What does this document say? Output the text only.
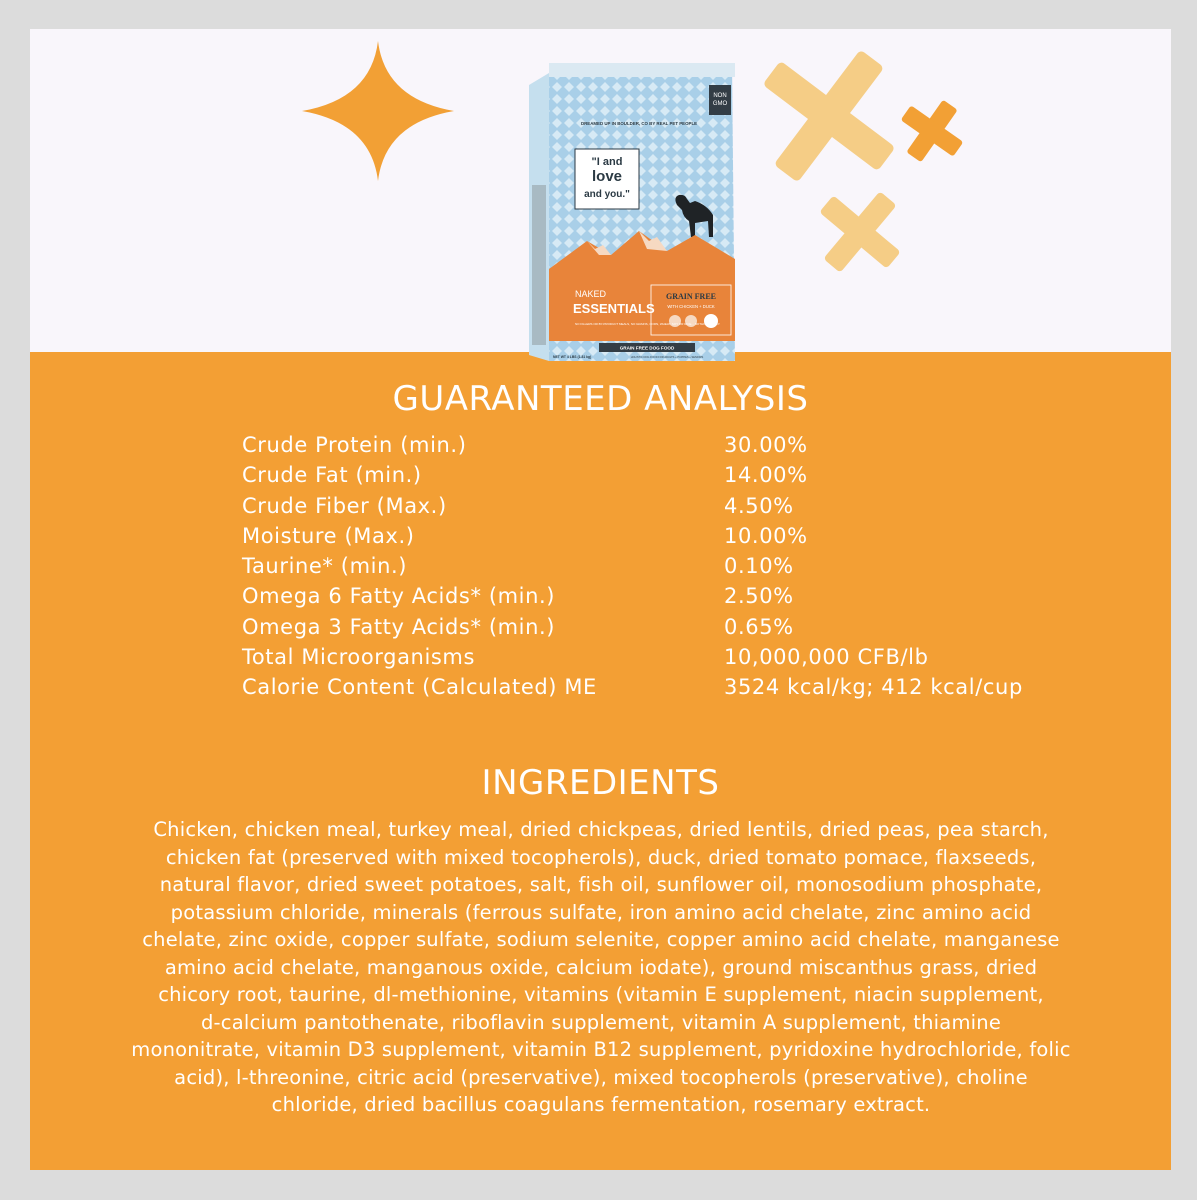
NON
GMO
DREAMED UP IN BOULDER, CO BY REAL PET PEOPLE
"I and
love
and you."
NAKED
ESSENTIALS
GRAIN FREE
WITH CHICKEN + DUCK
NO FILLERS OR BY-PRODUCT MEALS, NO GRAINS, CORN, WHEAT, SOY OR RICE... NOTHING SCARY.
GRAIN FREE DOG FOOD
HOLISTIC DOG FOOD FOR ADULTS + PUPPIES + SENIORS
NET WT 4 LBS (1.81 kg)
GUARANTEED ANALYSIS
Crude Protein (min.)	30.00%
Crude Fat (min.)	14.00%
Crude Fiber (Max.)	4.50%
Moisture (Max.)	10.00%
Taurine* (min.)	0.10%
Omega 6 Fatty Acids* (min.)	2.50%
Omega 3 Fatty Acids* (min.)	0.65%
Total Microorganisms	10,000,000 CFB/lb
Calorie Content (Calculated) ME	3524 kcal/kg; 412 kcal/cup
INGREDIENTS
Chicken, chicken meal, turkey meal, dried chickpeas, dried lentils, dried peas, pea starch,
chicken fat (preserved with mixed tocopherols), duck, dried tomato pomace, flaxseeds,
natural flavor, dried sweet potatoes, salt, fish oil, sunflower oil, monosodium phosphate,
potassium chloride, minerals (ferrous sulfate, iron amino acid chelate, zinc amino acid
chelate, zinc oxide, copper sulfate, sodium selenite, copper amino acid chelate, manganese
amino acid chelate, manganous oxide, calcium iodate), ground miscanthus grass, dried
chicory root, taurine, dl-methionine, vitamins (vitamin E supplement, niacin supplement,
d-calcium pantothenate, riboflavin supplement, vitamin A supplement, thiamine
mononitrate, vitamin D3 supplement, vitamin B12 supplement, pyridoxine hydrochloride, folic
acid), l-threonine, citric acid (preservative), mixed tocopherols (preservative), choline
chloride, dried bacillus coagulans fermentation, rosemary extract.
